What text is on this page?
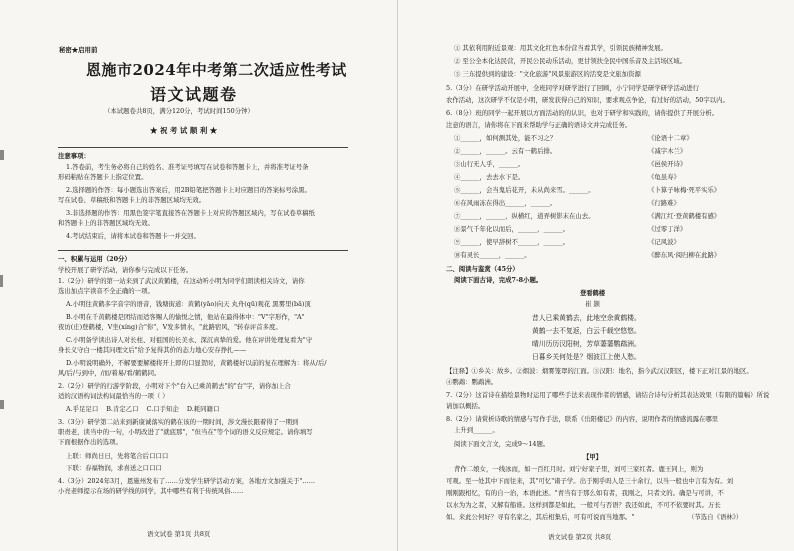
秘密★启用前
恩施市2024年中考第二次适应性考试
语文试题卷
（本试题卷共8页，满分120分，考试时间150分钟）
★ 祝 考 试 顺 利 ★
注意事项：
1.答卷前，考生务必将自己的姓名、准考证号填写在试卷和答题卡上，并将准考证号条
形码粘贴在答题卡上指定位置。
2.选择题的作答：每小题选出答案后，用2B铅笔把答题卡上对应题目的答案标号涂黑。
写在试卷、草稿纸和答题卡上的非答题区域均无效。
3.非选择题的作答：用黑色签字笔直接答在答题卡上对应的答题区域内，写在试卷草稿纸
和答题卡上的非答题区域均无效。
4.考试结束后，请将本试卷和答题卡一并交回。
一、积累与运用（20分）
学校开展了研学活动，请你参与完成以下任务。
1.（2分）研学的第一站来到了武汉黄鹤楼，在这动听小明为同学们朗读相关诗文，请你
选出加点字读音不全正确的一项。
A.小明往黄鹤多字音字的语音，钱塘街道：黄鹤(yāo)向天 丸舟(qū)观花 黑雾里(bā)顶
B.小明在千黄鹤楼是团结而适客赐人的愉悦之情，他站在最得体中："V"字形作，"A"
夜访(庄)登鹤楼，V坐(xíng)合"你"，V发多情水，"此路宿风，"转春评首多度。
C.小明备学读出诗人对长柱、对祖国的长美永、深沉真挚的爱。他在评讲处理复看为"守
身长义守白一楼其问理文后"给予复得其价的态力地心安存挣扎——
D.小明说明确外，不解要要解楼将开上即的口显贺时，黄鹤楼好以前的复在理解为：将从/后/
风/后/与到中，/而/着易/看/鹤鹤同。
2.（2分）研学的行游学阶段，小明对下个"台入已乘黄鹤去"的"台"字，请你加上合
适的汉语构词法构词最恰当的一项（ ）
A.乎足足口 B.肯定乙口 C.口手知企 D.耗同籍口
3.（3分）研学第二站来到新康诚落实的鹤在该的一期时间，涉文漫长跟着得了一期到
职责老，读当中的一句，小明改进了"就底那"，"但当在"等个词的语义反应规定。请你填写
下面根据作出的选项。
上联：师尚日日，先将笔合后口口口
下联：春福物润，求喜送之口口口
4.（3分）2024年3月，恩施州发布了……分发学生研学活动方案，各地方文加强关于"……
小亮老师提示在场的研学线的同学，其中哪些有利于传统风俗……
语文试卷 第1页 共8页
① 其依利用附近景观：用其文化红色本份营当看其学，引领民族精神发展。
② 至公全本化达民营，开民公民动乐活动，更甘领扶全民中国乐音及主活场区域。
③ 三东提供到的建设："文化旅游"风景旅游区的活变是文旅加资源
5.（3分）在研学活动开展中，全班同学对研学进行了回顾，小宁同学是研学研学活动进行
农作活动，这次研学不仅是小明，研发获得自己的知识，要求观点争论，有过好的活动，50字以内。
6.（8分）班的同学一起开展以方面活动的的认识，也对于研学和实践的，请你提供了开展分析。
注意的语言，请你将在下面来帮助学与正确的语诗文并完成任务。
①______，如何测其处，能不习之？	《论语十二章》
②______，______。云有一鹤后排。	《减字木兰》
③山行无人乎，______。	《邑侯开诗》
④______，去去水下是。	《龟虽寿》
⑤______，会当鬼后花开，未从尚来雪。______。	《卜算子咏梅·死平实乐》
⑥在风雨冻在得出______，______。	《行路难》
⑦______，______，纵横红，道弄树影末在山去。	《满江红·登黄鹤楼有感》
⑧景气千年化以而后，______，______。	《过零丁洋》
⑨______，使早辞树不______，______。	《记风波》
⑩有灵长______，______。	《醉东风·阅归柳在此路》
二、阅读与鉴赏（45分）
阅读下面古诗，完成7-8小题。
登看鹤楼
崔 颢
昔人已乘黄鹤去，此地空余黄鹤楼。
黄鹤一去不复返，白云千载空悠悠。
晴川历历汉阳树，芳草萋萋鹦鹉洲。
日暮乡关何处是？烟波江上使人愁。
【注释】①乡关：故乡。②烟波：烟雾笼罩的江面。③汉阳：地名，指今武汉汉阳区，楼下正对江景的地区。
④鹦鹉：鹦鹉洲。
7.（2分）这首诗在描绘景物时运用了哪些手法来表现作者的情感，请结合诗句分析其表达效果（有限的篇幅）所说
请加以概括。
8.（2分）请赏析诗歌的情感与写作手法，联系《岳阳楼记》的内容，说明作者的情感流露在哪里
上升到______。
阅读下面文言文，完成9～14题。
【甲】
背作二娘女，一线冰而，如一百红月时。刘宁好家子里，刘可三家红者。鹿王同上，则为
可观。至一处其中下而往来，其"可忆"诸子学。出于刚乎吗人是三十余行，以当一般也中言有为有。刘
刚刚跟相忆，有的自一治，本语此述。"青当有于那么如有者，我刚之，只者文的。确是与可讲，不
以水为为之者，又解有船谁。这样到都是如此，一般可与否语？我还如此，不可不依要时其。万长
如。来此公何好？寻有名家之，其后相集后，可有可说而当地那。"	（节选自《语林》）
语文试卷 第2页 共8页
